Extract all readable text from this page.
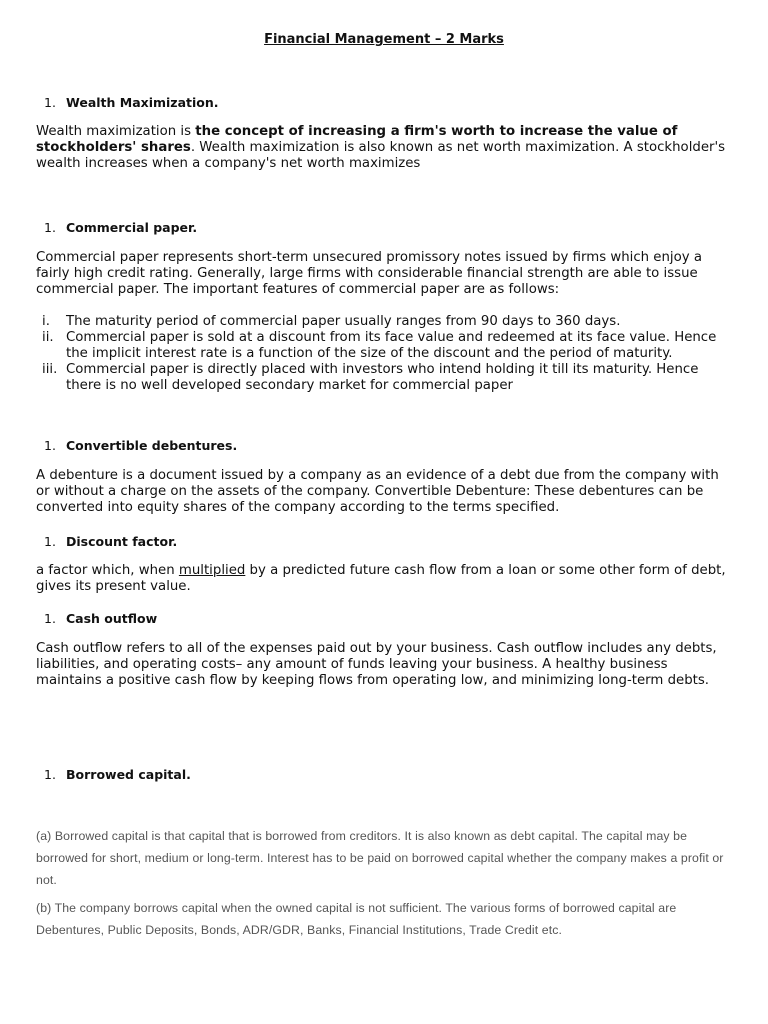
Financial Management – 2 Marks
1. Wealth Maximization.
Wealth maximization is the concept of increasing a firm's worth to increase the value of stockholders' shares. Wealth maximization is also known as net worth maximization. A stockholder's wealth increases when a company's net worth maximizes
1. Commercial paper.
Commercial paper represents short-term unsecured promissory notes issued by firms which enjoy a fairly high credit rating. Generally, large firms with considerable financial strength are able to issue commercial paper. The important features of commercial paper are as follows:
i. The maturity period of commercial paper usually ranges from 90 days to 360 days.
ii. Commercial paper is sold at a discount from its face value and redeemed at its face value. Hence the implicit interest rate is a function of the size of the discount and the period of maturity.
iii. Commercial paper is directly placed with investors who intend holding it till its maturity. Hence there is no well developed secondary market for commercial paper
1. Convertible debentures.
A debenture is a document issued by a company as an evidence of a debt due from the company with or without a charge on the assets of the company. Convertible Debenture: These debentures can be converted into equity shares of the company according to the terms specified.
1. Discount factor.
a factor which, when multiplied by a predicted future cash flow from a loan or some other form of debt, gives its present value.
1. Cash outflow
Cash outflow refers to all of the expenses paid out by your business. Cash outflow includes any debts, liabilities, and operating costs– any amount of funds leaving your business. A healthy business maintains a positive cash flow by keeping flows from operating low, and minimizing long-term debts.
1. Borrowed capital.
(a) Borrowed capital is that capital that is borrowed from creditors. It is also known as debt capital. The capital may be borrowed for short, medium or long-term. Interest has to be paid on borrowed capital whether the company makes a profit or not.
(b) The company borrows capital when the owned capital is not sufficient. The various forms of borrowed capital are Debentures, Public Deposits, Bonds, ADR/GDR, Banks, Financial Institutions, Trade Credit etc.
